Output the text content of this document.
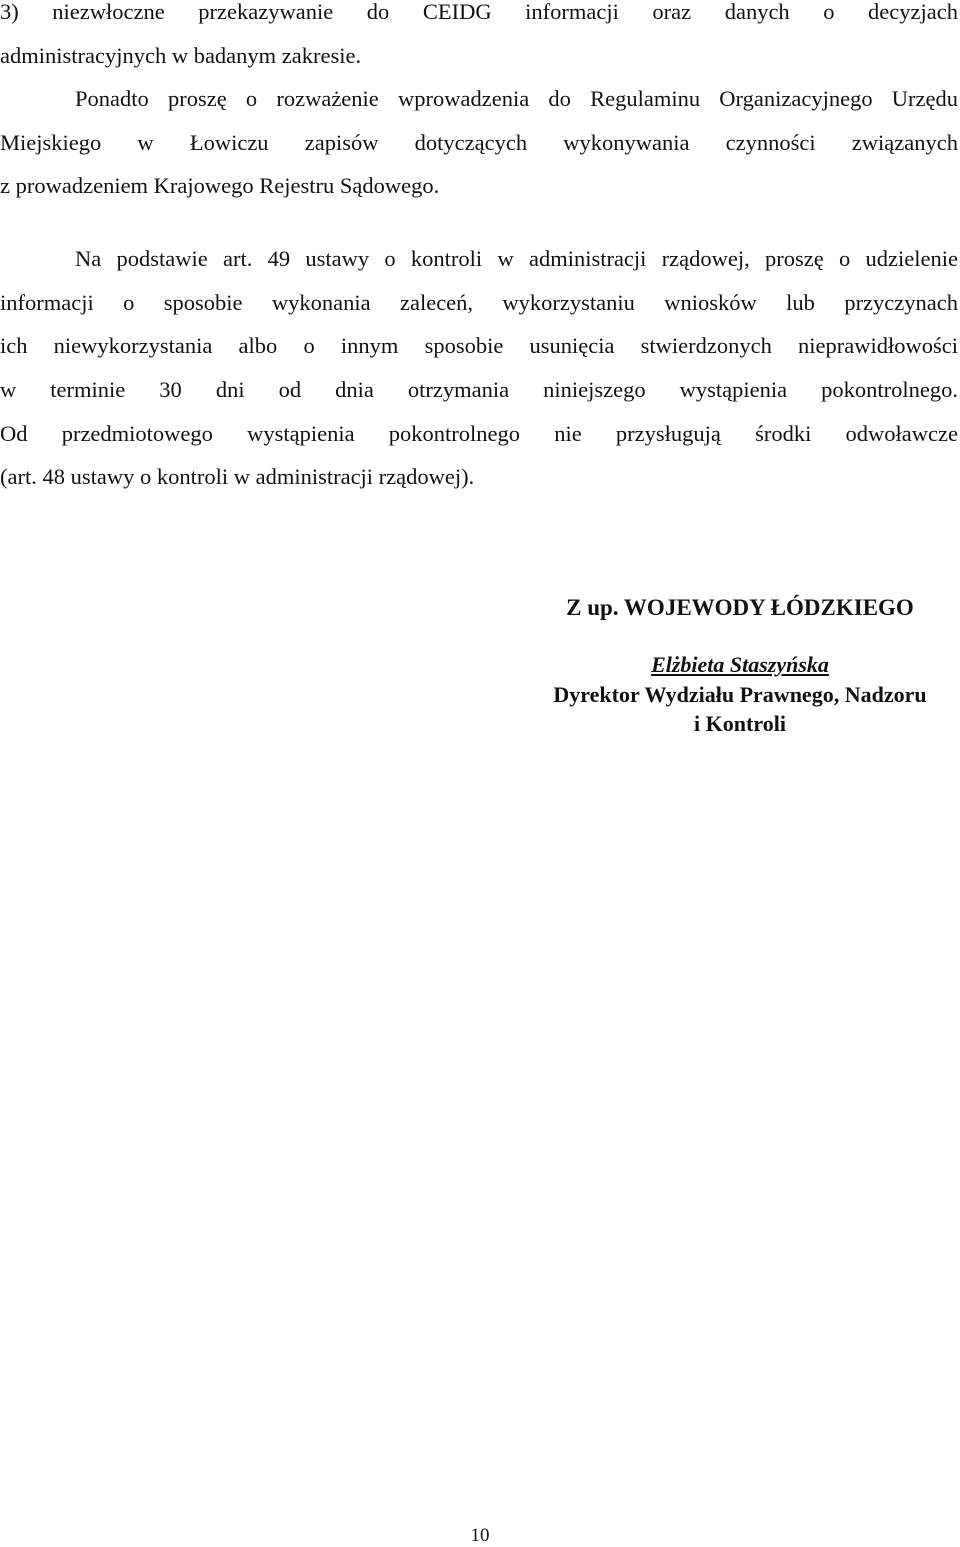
3) niezwłoczne przekazywanie do CEIDG informacji oraz danych o decyzjach

administracyjnych w badanym zakresie.

Ponadto proszę o rozważenie wprowadzenia do Regulaminu Organizacyjnego Urzędu

Miejskiego w Łowiczu zapisów dotyczących wykonywania czynności związanych

z prowadzeniem Krajowego Rejestru Sądowego.

Na podstawie art. 49 ustawy o kontroli w administracji rządowej, proszę o udzielenie

informacji o sposobie wykonania zaleceń, wykorzystaniu wniosków lub przyczynach

ich niewykorzystania albo o innym sposobie usunięcia stwierdzonych nieprawidłowości

w terminie 30 dni od dnia otrzymania niniejszego wystąpienia pokontrolnego.

Od przedmiotowego wystąpienia pokontrolnego nie przysługują środki odwoławcze

(art. 48 ustawy o kontroli w administracji rządowej).

Z up. WOJEWODY ŁÓDZKIEGO
Elżbieta Staszyńska
Dyrektor Wydziału Prawnego, Nadzoru
i Kontroli
10
